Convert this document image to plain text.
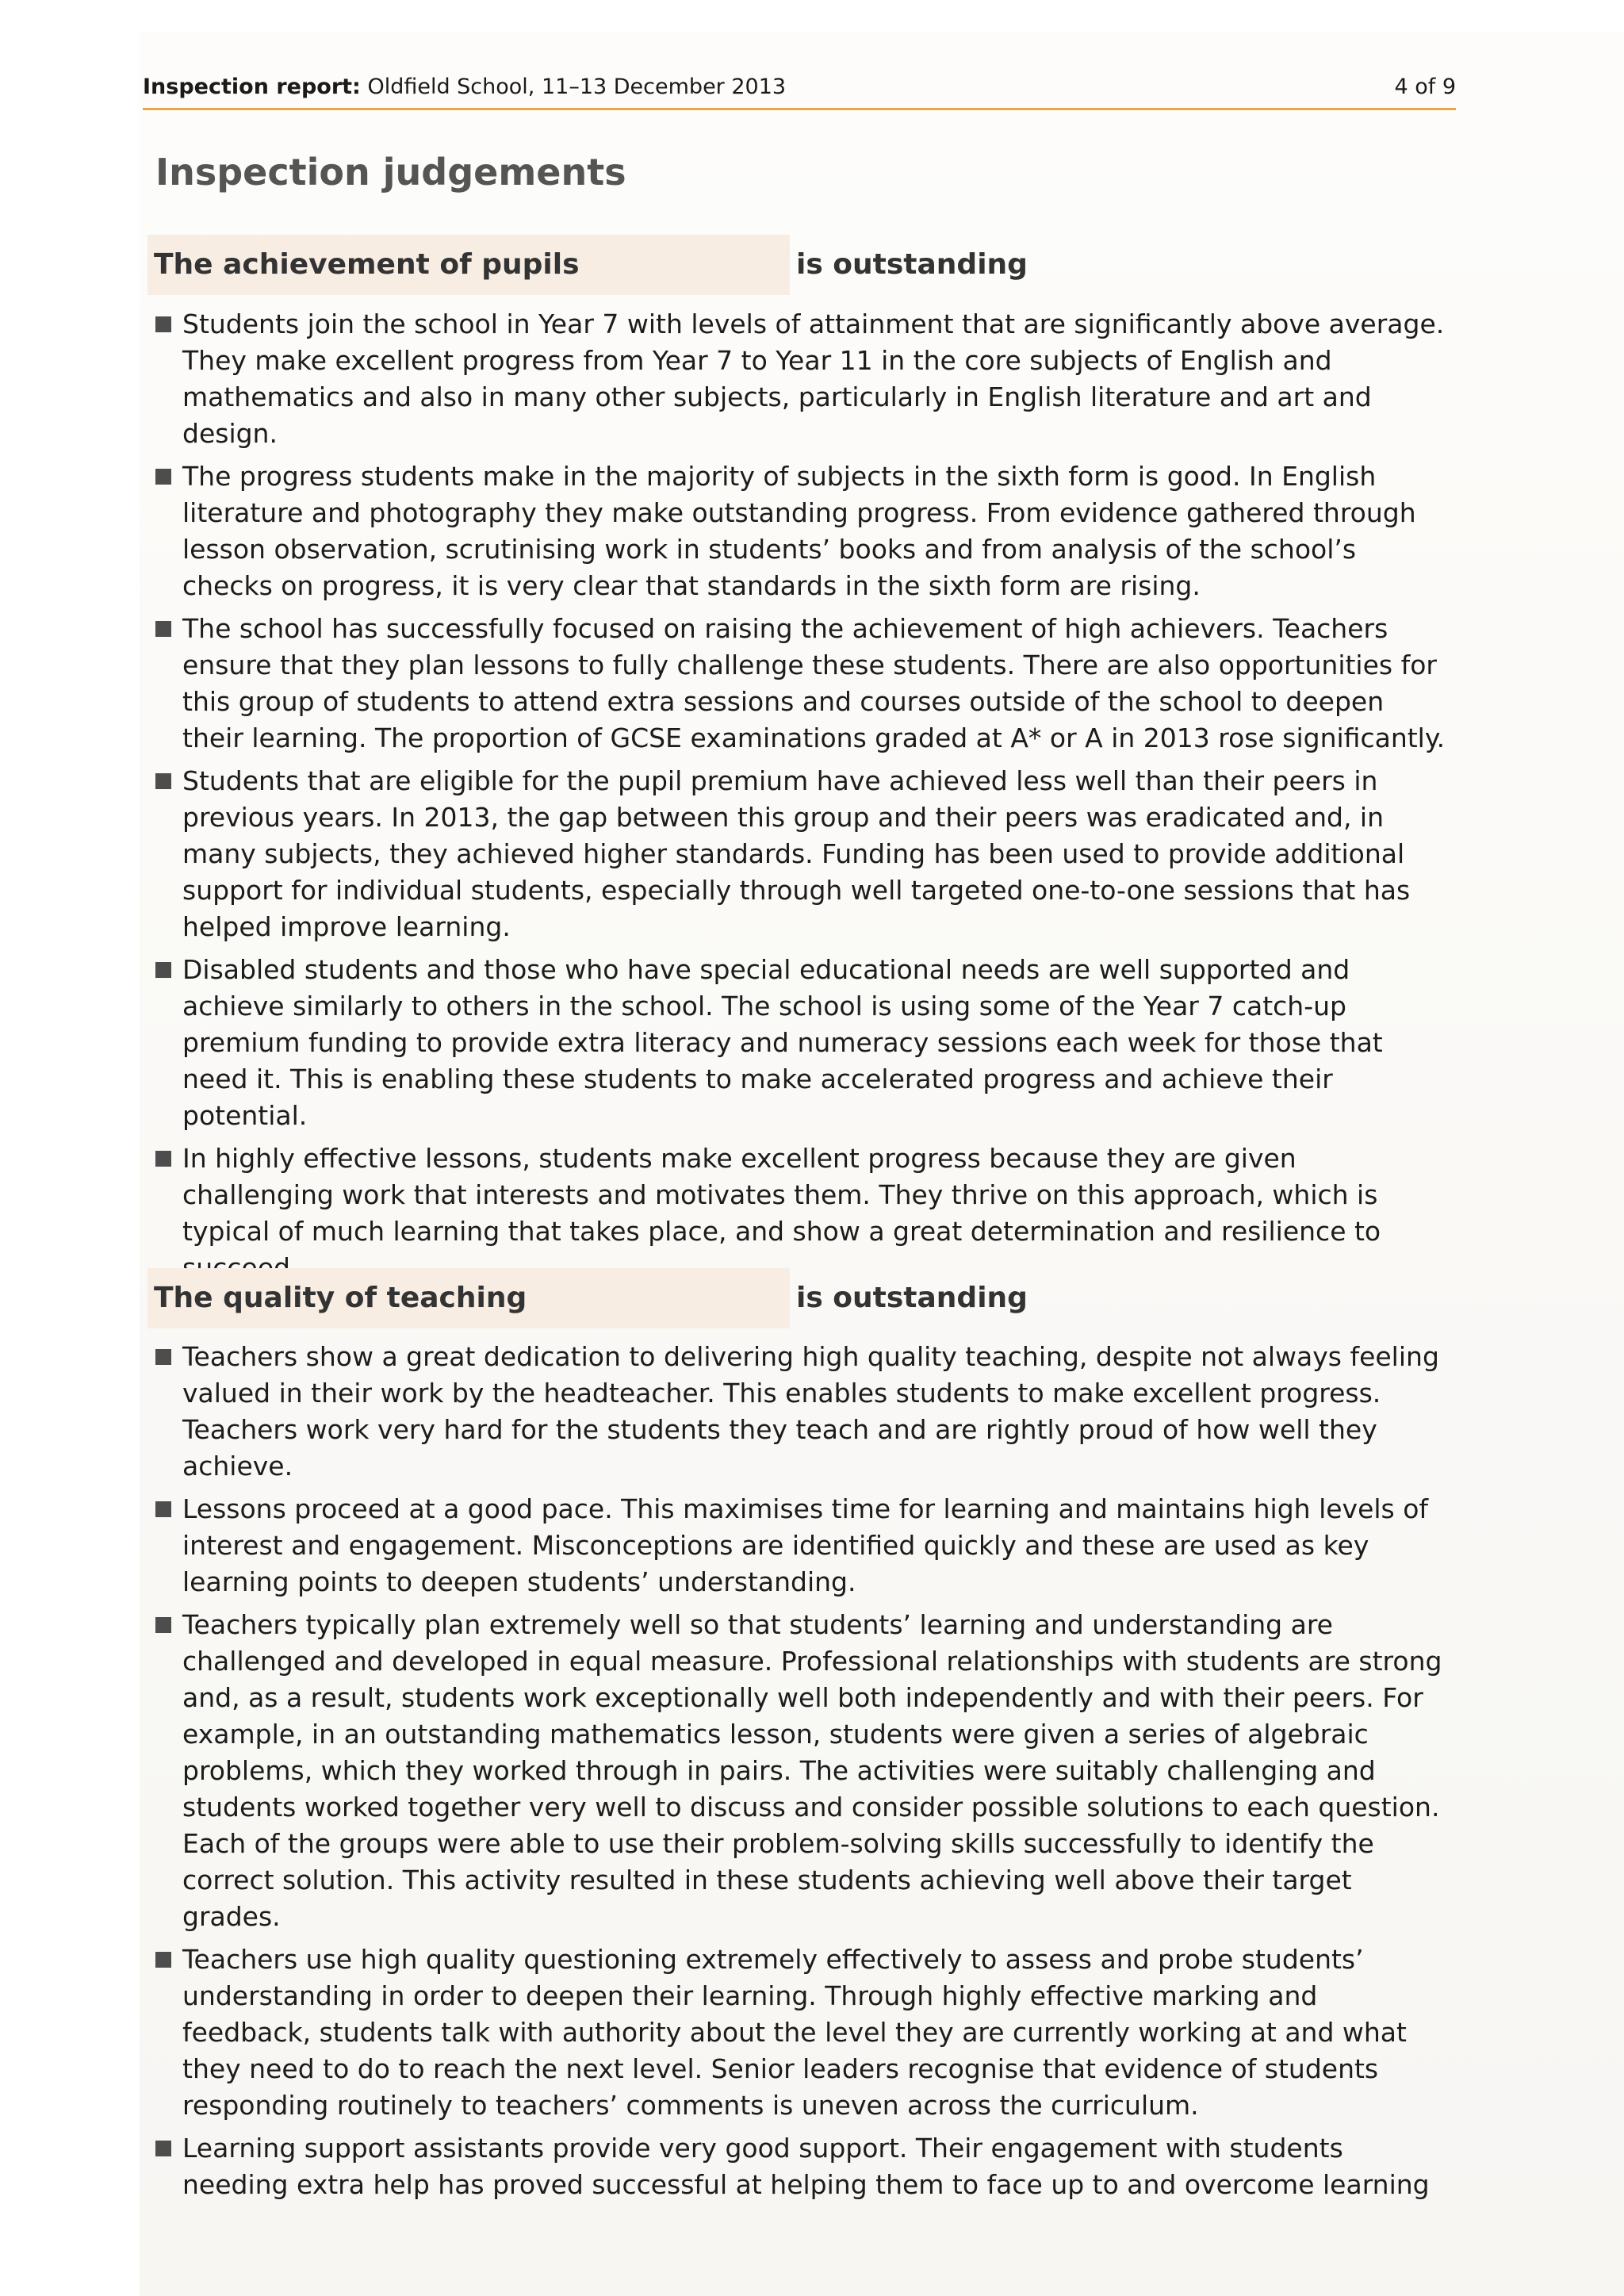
Inspection report: Oldfield School, 11–13 December 2013	4 of 9
Inspection judgements
The achievement of pupils	is outstanding
Students join the school in Year 7 with levels of attainment that are significantly above average. They make excellent progress from Year 7 to Year 11 in the core subjects of English and mathematics and also in many other subjects, particularly in English literature and art and design.
The progress students make in the majority of subjects in the sixth form is good. In English literature and photography they make outstanding progress. From evidence gathered through lesson observation, scrutinising work in students’ books and from analysis of the school’s checks on progress, it is very clear that standards in the sixth form are rising.
The school has successfully focused on raising the achievement of high achievers. Teachers ensure that they plan lessons to fully challenge these students. There are also opportunities for this group of students to attend extra sessions and courses outside of the school to deepen their learning. The proportion of GCSE examinations graded at A* or A in 2013 rose significantly.
Students that are eligible for the pupil premium have achieved less well than their peers in previous years. In 2013, the gap between this group and their peers was eradicated and, in many subjects, they achieved higher standards. Funding has been used to provide additional support for individual students, especially through well targeted one-to-one sessions that has helped improve learning.
Disabled students and those who have special educational needs are well supported and achieve similarly to others in the school. The school is using some of the Year 7 catch-up premium funding to provide extra literacy and numeracy sessions each week for those that need it. This is enabling these students to make accelerated progress and achieve their potential.
In highly effective lessons, students make excellent progress because they are given challenging work that interests and motivates them. They thrive on this approach, which is typical of much learning that takes place, and show a great determination and resilience to
The quality of teaching	is outstanding
Teachers show a great dedication to delivering high quality teaching, despite not always feeling valued in their work by the headteacher. This enables students to make excellent progress. Teachers work very hard for the students they teach and are rightly proud of how well they achieve.
Lessons proceed at a good pace. This maximises time for learning and maintains high levels of interest and engagement. Misconceptions are identified quickly and these are used as key learning points to deepen students’ understanding.
Teachers typically plan extremely well so that students’ learning and understanding are challenged and developed in equal measure. Professional relationships with students are strong and, as a result, students work exceptionally well both independently and with their peers. For example, in an outstanding mathematics lesson, students were given a series of algebraic problems, which they worked through in pairs. The activities were suitably challenging and students worked together very well to discuss and consider possible solutions to each question. Each of the groups were able to use their problem-solving skills successfully to identify the correct solution. This activity resulted in these students achieving well above their target grades.
Teachers use high quality questioning extremely effectively to assess and probe students’ understanding in order to deepen their learning. Through highly effective marking and feedback, students talk with authority about the level they are currently working at and what they need to do to reach the next level. Senior leaders recognise that evidence of students responding routinely to teachers’ comments is uneven across the curriculum.
Learning support assistants provide very good support. Their engagement with students needing extra help has proved successful at helping them to face up to and overcome learning
